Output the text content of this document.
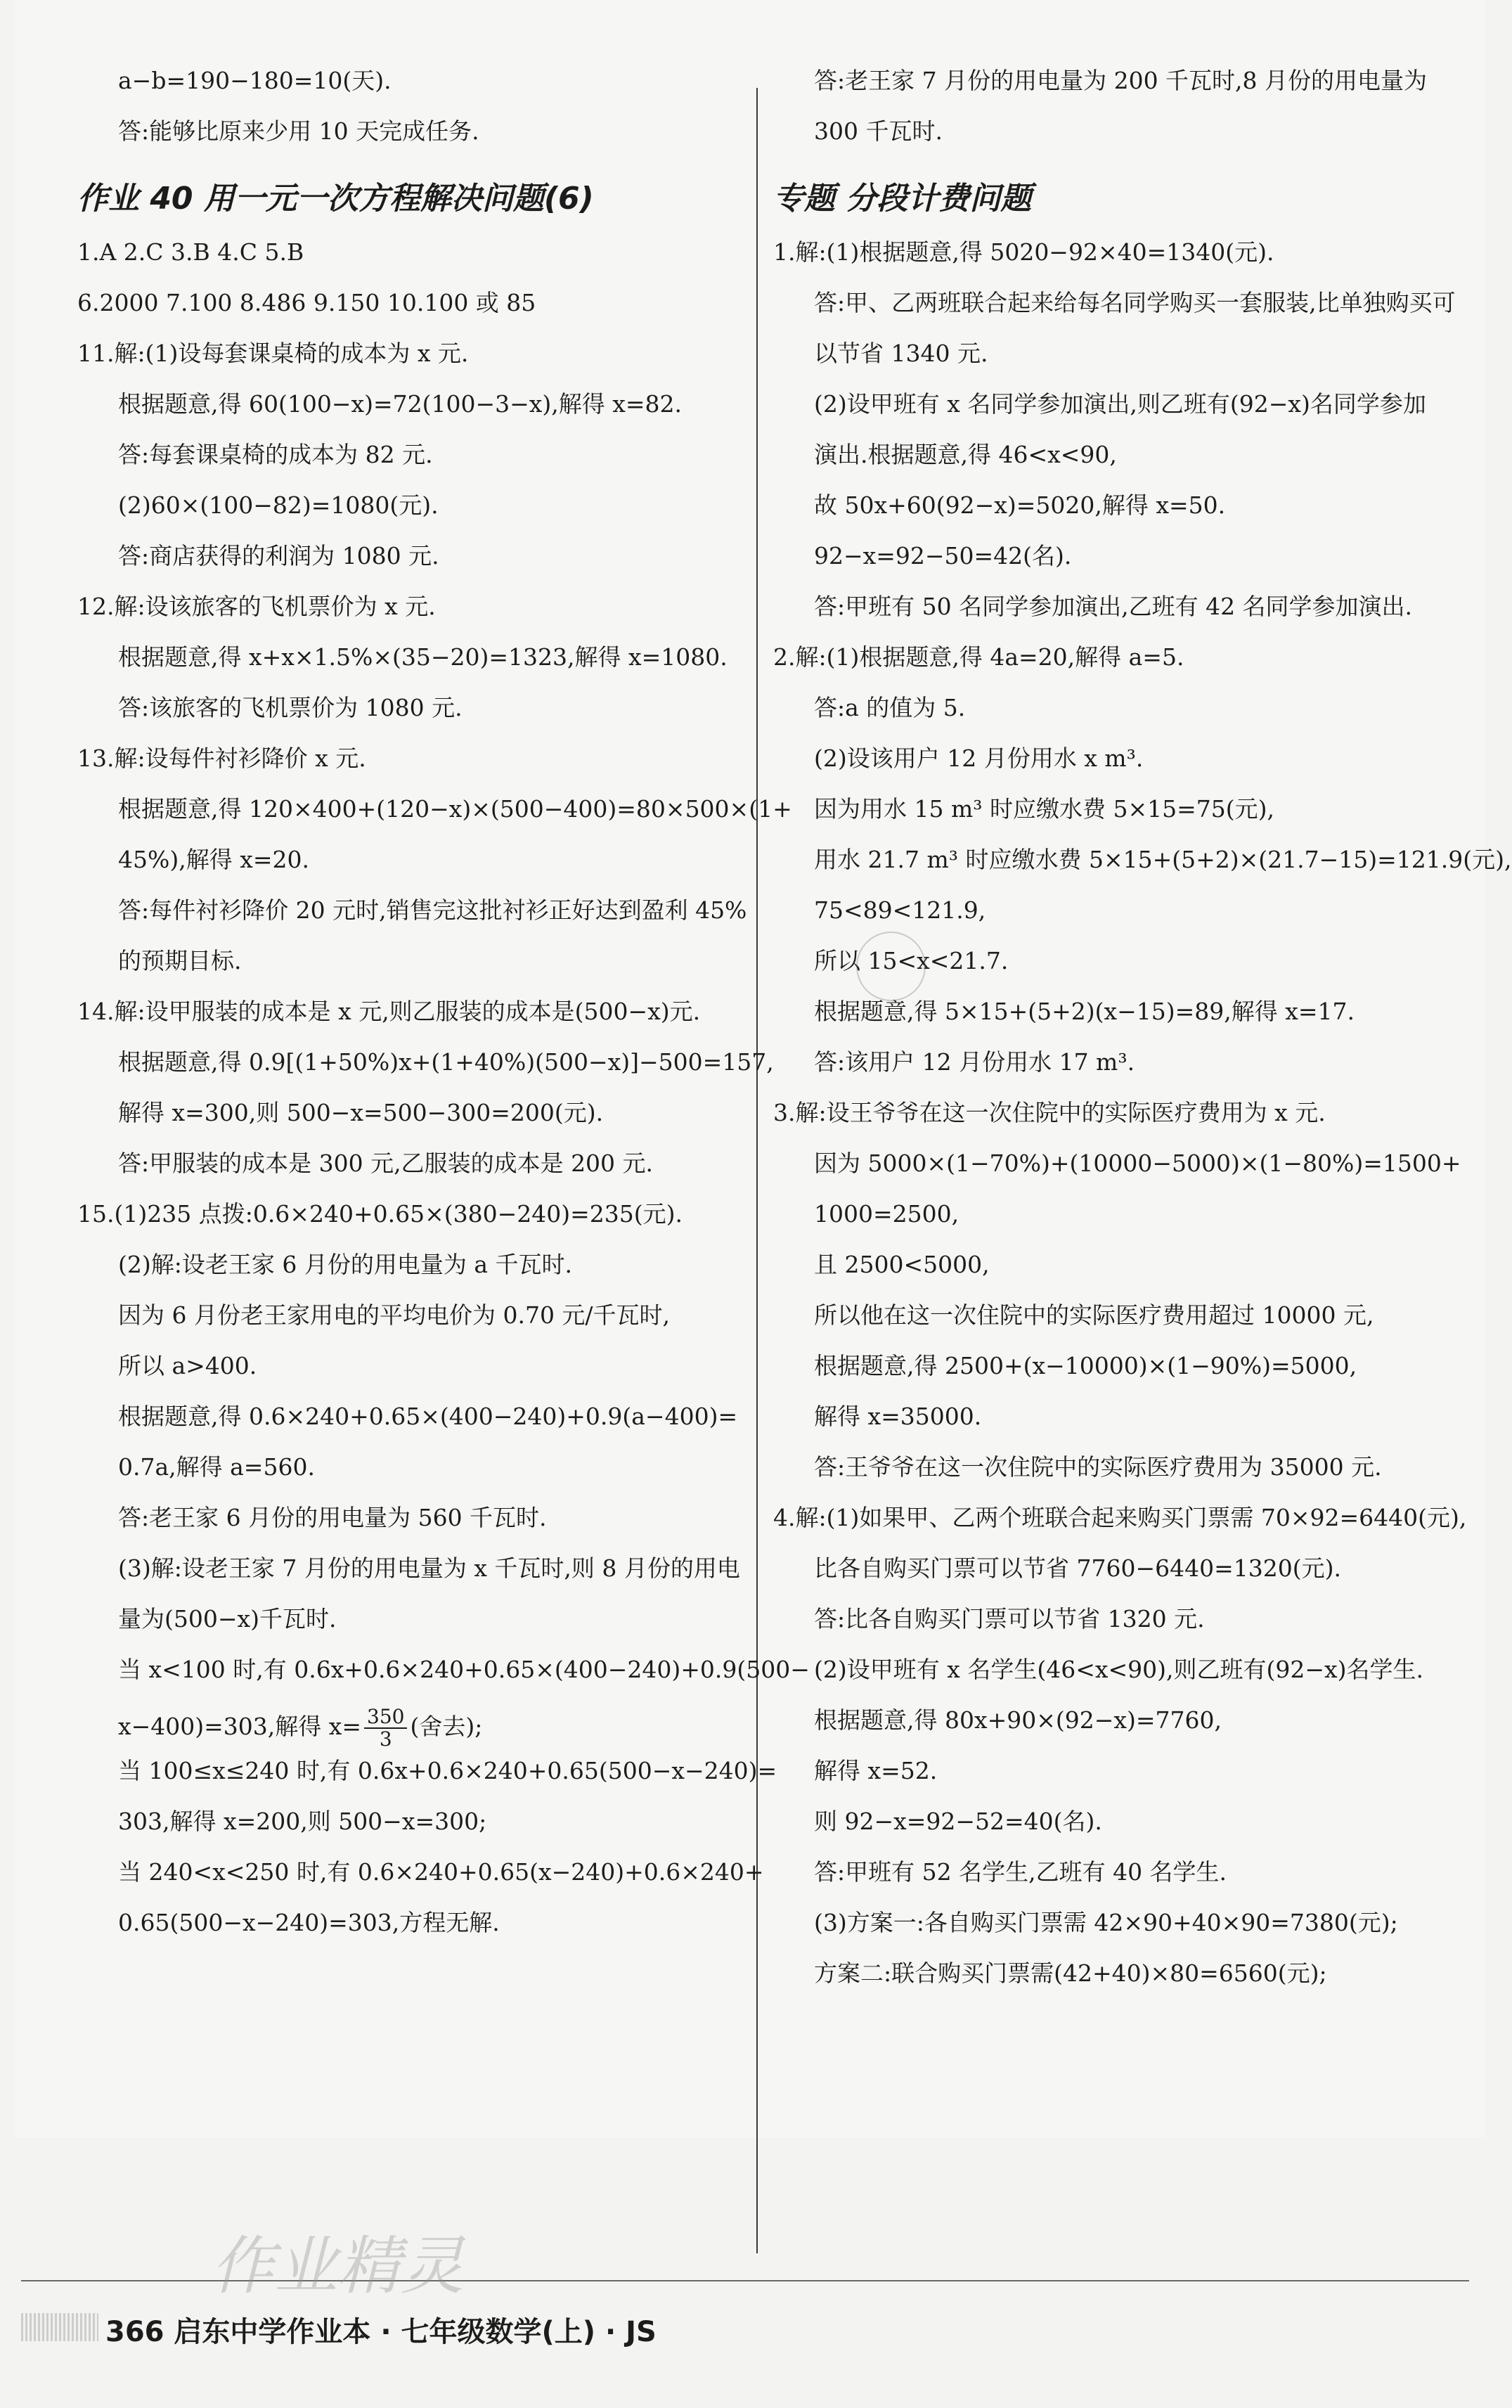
a−b=190−180=10(天).
答:能够比原来少用 10 天完成任务.
作业 40 用一元一次方程解决问题(6)
1.A 2.C 3.B 4.C 5.B
6.2000 7.100 8.486 9.150 10.100 或 85
11.解:(1)设每套课桌椅的成本为 x 元.
根据题意,得 60(100−x)=72(100−3−x),解得 x=82.
答:每套课桌椅的成本为 82 元.
(2)60×(100−82)=1080(元).
答:商店获得的利润为 1080 元.
12.解:设该旅客的飞机票价为 x 元.
根据题意,得 x+x×1.5%×(35−20)=1323,解得 x=1080.
答:该旅客的飞机票价为 1080 元.
13.解:设每件衬衫降价 x 元.
根据题意,得 120×400+(120−x)×(500−400)=80×500×(1+
45%),解得 x=20.
答:每件衬衫降价 20 元时,销售完这批衬衫正好达到盈利 45%
的预期目标.
14.解:设甲服装的成本是 x 元,则乙服装的成本是(500−x)元.
根据题意,得 0.9[(1+50%)x+(1+40%)(500−x)]−500=157,
解得 x=300,则 500−x=500−300=200(元).
答:甲服装的成本是 300 元,乙服装的成本是 200 元.
15.(1)235 点拨:0.6×240+0.65×(380−240)=235(元).
(2)解:设老王家 6 月份的用电量为 a 千瓦时.
因为 6 月份老王家用电的平均电价为 0.70 元/千瓦时,
所以 a>400.
根据题意,得 0.6×240+0.65×(400−240)+0.9(a−400)=
0.7a,解得 a=560.
答:老王家 6 月份的用电量为 560 千瓦时.
(3)解:设老王家 7 月份的用电量为 x 千瓦时,则 8 月份的用电
量为(500−x)千瓦时.
当 x<100 时,有 0.6x+0.6×240+0.65×(400−240)+0.9(500−
x−400)=303,解得 $x= \frac{350}{3}$ (舍去);
当 100≤x≤240 时,有 0.6x+0.6×240+0.65(500−x−240)=
303,解得 x=200,则 500−x=300;
当 240<x<250 时,有 0.6×240+0.65(x−240)+0.6×240+
0.65(500−x−240)=303,方程无解.
答:老王家 7 月份的用电量为 200 千瓦时,8 月份的用电量为
300 千瓦时.
专题 分段计费问题
1.解:(1)根据题意,得 5020−92×40=1340(元).
答:甲、乙两班联合起来给每名同学购买一套服装,比单独购买可
以节省 1340 元.
(2)设甲班有 x 名同学参加演出,则乙班有(92−x)名同学参加
演出.根据题意,得 46<x<90,
故 50x+60(92−x)=5020,解得 x=50.
92−x=92−50=42(名).
答:甲班有 50 名同学参加演出,乙班有 42 名同学参加演出.
2.解:(1)根据题意,得 4a=20,解得 a=5.
答:a 的值为 5.
(2)设该用户 12 月份用水 x m³.
因为用水 15 m³ 时应缴水费 5×15=75(元),
用水 21.7 m³ 时应缴水费 5×15+(5+2)×(21.7−15)=121.9(元),
75<89<121.9,
所以 15<x<21.7.
根据题意,得 5×15+(5+2)(x−15)=89,解得 x=17.
答:该用户 12 月份用水 17 m³.
3.解:设王爷爷在这一次住院中的实际医疗费用为 x 元.
因为 5000×(1−70%)+(10000−5000)×(1−80%)=1500+
1000=2500,
且 2500<5000,
所以他在这一次住院中的实际医疗费用超过 10000 元,
根据题意,得 2500+(x−10000)×(1−90%)=5000,
解得 x=35000.
答:王爷爷在这一次住院中的实际医疗费用为 35000 元.
4.解:(1)如果甲、乙两个班联合起来购买门票需 70×92=6440(元),
比各自购买门票可以节省 7760−6440=1320(元).
答:比各自购买门票可以节省 1320 元.
(2)设甲班有 x 名学生(46<x<90),则乙班有(92−x)名学生.
根据题意,得 80x+90×(92−x)=7760,
解得 x=52.
则 92−x=92−52=40(名).
答:甲班有 52 名学生,乙班有 40 名学生.
(3)方案一:各自购买门票需 42×90+40×90=7380(元);
方案二:联合购买门票需(42+40)×80=6560(元);
366 启东中学作业本 · 七年级数学(上) · JS
作业精灵
